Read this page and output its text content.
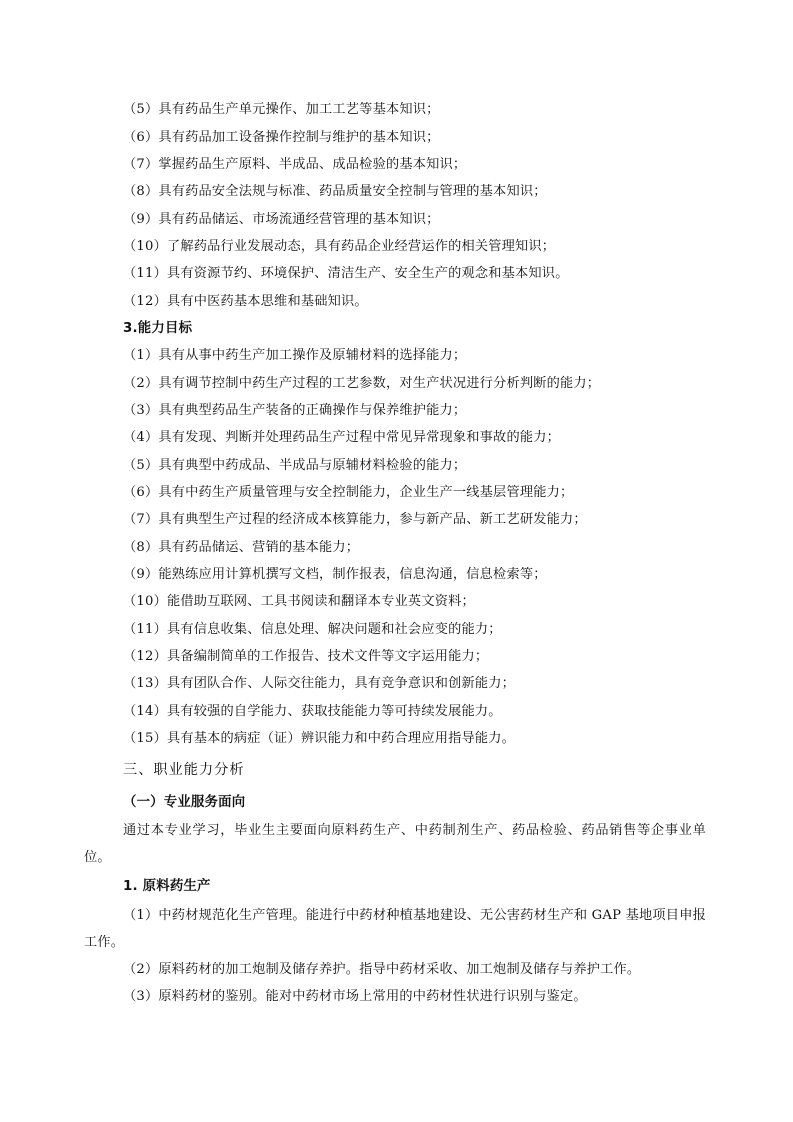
（5）具有药品生产单元操作、加工工艺等基本知识；
（6）具有药品加工设备操作控制与维护的基本知识；
（7）掌握药品生产原料、半成品、成品检验的基本知识；
（8）具有药品安全法规与标准、药品质量安全控制与管理的基本知识；
（9）具有药品储运、市场流通经营管理的基本知识；
（10）了解药品行业发展动态，具有药品企业经营运作的相关管理知识；
（11）具有资源节约、环境保护、清洁生产、安全生产的观念和基本知识。
（12）具有中医药基本思维和基础知识。
3.能力目标
（1）具有从事中药生产加工操作及原辅材料的选择能力；
（2）具有调节控制中药生产过程的工艺参数，对生产状况进行分析判断的能力；
（3）具有典型药品生产装备的正确操作与保养维护能力；
（4）具有发现、判断并处理药品生产过程中常见异常现象和事故的能力；
（5）具有典型中药成品、半成品与原辅材料检验的能力；
（6）具有中药生产质量管理与安全控制能力，企业生产一线基层管理能力；
（7）具有典型生产过程的经济成本核算能力，参与新产品、新工艺研发能力；
（8）具有药品储运、营销的基本能力；
（9）能熟练应用计算机撰写文档，制作报表，信息沟通，信息检索等；
（10）能借助互联网、工具书阅读和翻译本专业英文资料；
（11）具有信息收集、信息处理、解决问题和社会应变的能力；
（12）具备编制简单的工作报告、技术文件等文字运用能力；
（13）具有团队合作、人际交往能力，具有竞争意识和创新能力；
（14）具有较强的自学能力、获取技能能力等可持续发展能力。
（15）具有基本的病症（证）辨识能力和中药合理应用指导能力。
三、职业能力分析
（一）专业服务面向
通过本专业学习，毕业生主要面向原料药生产、中药制剂生产、药品检验、药品销售等企事业单位。
1. 原料药生产
（1）中药材规范化生产管理。能进行中药材种植基地建设、无公害药材生产和 GAP 基地项目申报工作。
（2）原料药材的加工炮制及储存养护。指导中药材采收、加工炮制及储存与养护工作。
（3）原料药材的鉴别。能对中药材市场上常用的中药材性状进行识别与鉴定。
